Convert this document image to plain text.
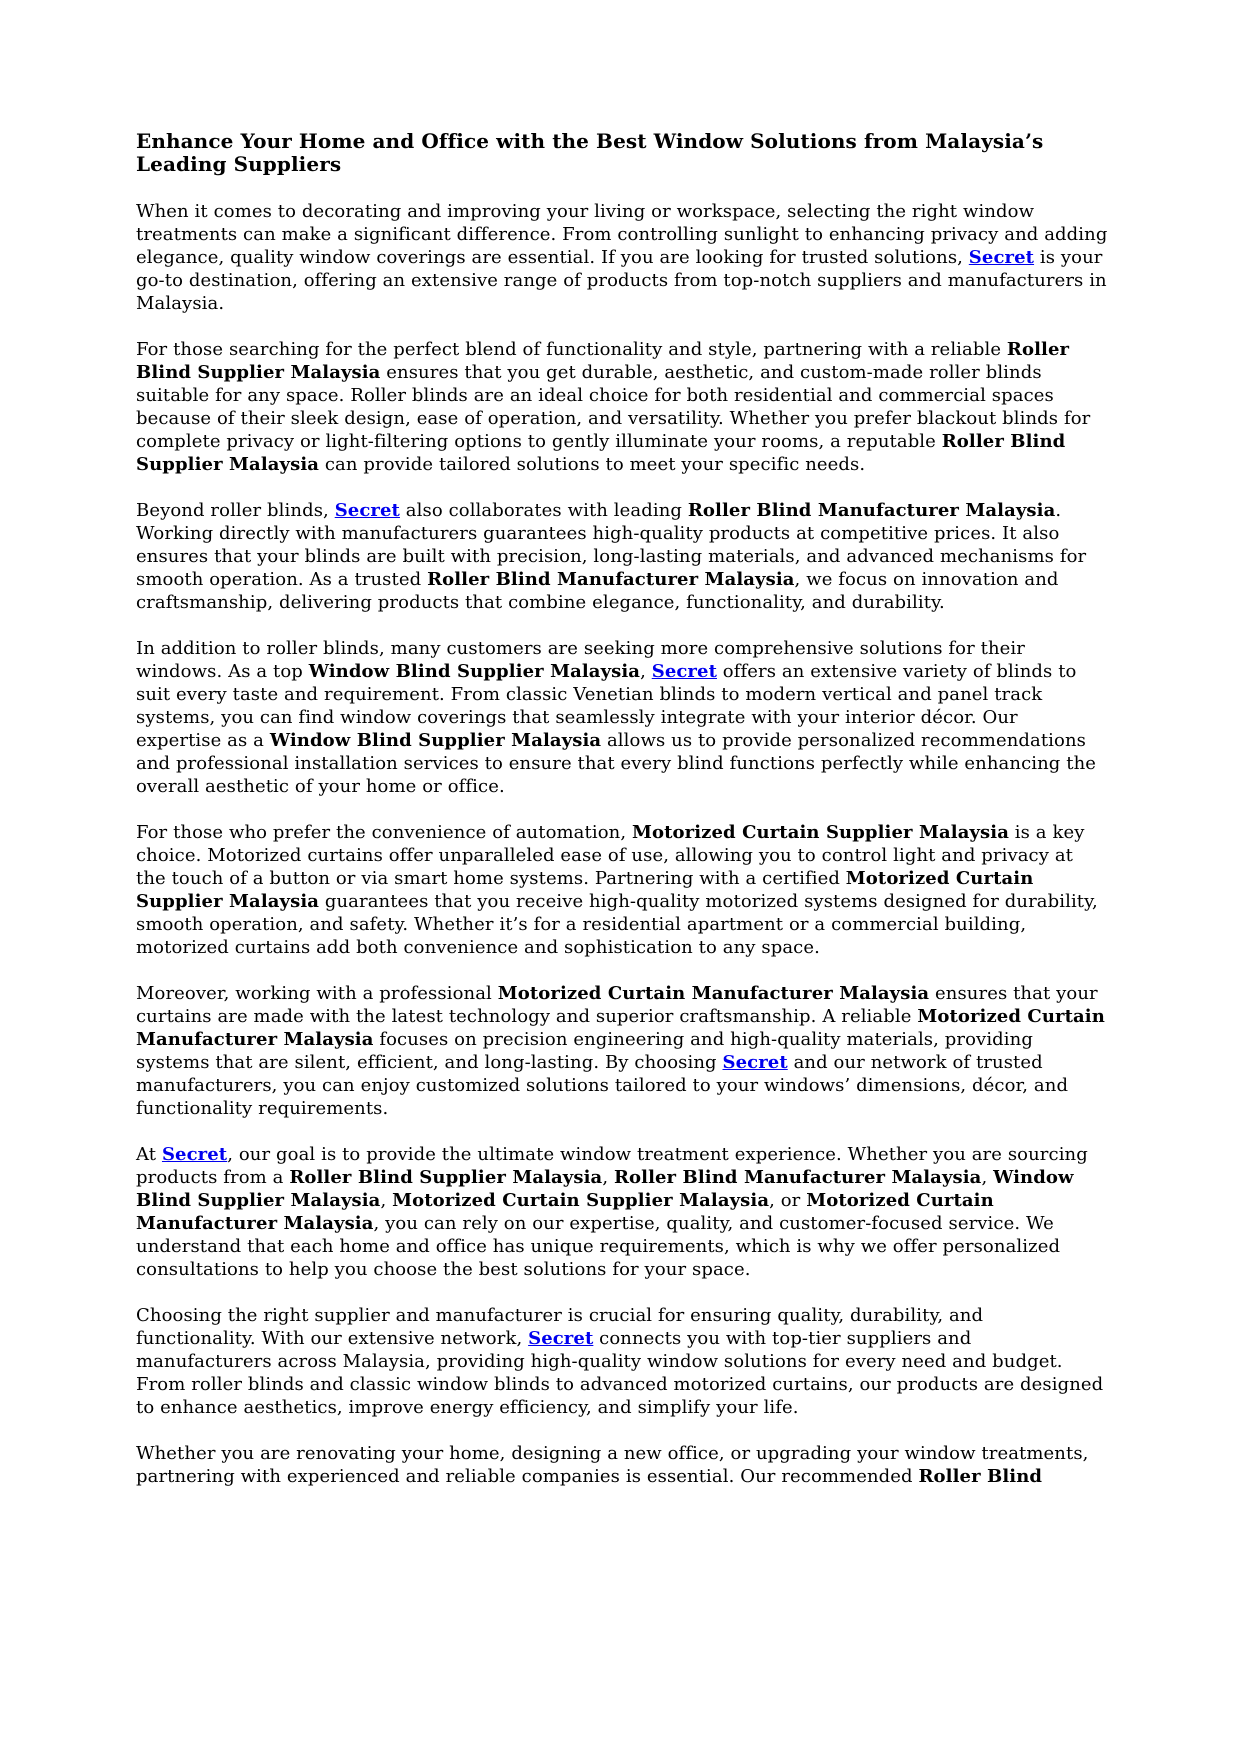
Enhance Your Home and Office with the Best Window Solutions from Malaysia’s Leading Suppliers

When it comes to decorating and improving your living or workspace, selecting the right window treatments can make a significant difference. From controlling sunlight to enhancing privacy and adding elegance, quality window coverings are essential. If you are looking for trusted solutions, Secret is your go-to destination, offering an extensive range of products from top-notch suppliers and manufacturers in Malaysia.

For those searching for the perfect blend of functionality and style, partnering with a reliable Roller Blind Supplier Malaysia ensures that you get durable, aesthetic, and custom-made roller blinds suitable for any space. Roller blinds are an ideal choice for both residential and commercial spaces because of their sleek design, ease of operation, and versatility. Whether you prefer blackout blinds for complete privacy or light-filtering options to gently illuminate your rooms, a reputable Roller Blind Supplier Malaysia can provide tailored solutions to meet your specific needs.

Beyond roller blinds, Secret also collaborates with leading Roller Blind Manufacturer Malaysia. Working directly with manufacturers guarantees high-quality products at competitive prices. It also ensures that your blinds are built with precision, long-lasting materials, and advanced mechanisms for smooth operation. As a trusted Roller Blind Manufacturer Malaysia, we focus on innovation and craftsmanship, delivering products that combine elegance, functionality, and durability.

In addition to roller blinds, many customers are seeking more comprehensive solutions for their windows. As a top Window Blind Supplier Malaysia, Secret offers an extensive variety of blinds to suit every taste and requirement. From classic Venetian blinds to modern vertical and panel track systems, you can find window coverings that seamlessly integrate with your interior décor. Our expertise as a Window Blind Supplier Malaysia allows us to provide personalized recommendations and professional installation services to ensure that every blind functions perfectly while enhancing the overall aesthetic of your home or office.

For those who prefer the convenience of automation, Motorized Curtain Supplier Malaysia is a key choice. Motorized curtains offer unparalleled ease of use, allowing you to control light and privacy at the touch of a button or via smart home systems. Partnering with a certified Motorized Curtain Supplier Malaysia guarantees that you receive high-quality motorized systems designed for durability, smooth operation, and safety. Whether it’s for a residential apartment or a commercial building, motorized curtains add both convenience and sophistication to any space.

Moreover, working with a professional Motorized Curtain Manufacturer Malaysia ensures that your curtains are made with the latest technology and superior craftsmanship. A reliable Motorized Curtain Manufacturer Malaysia focuses on precision engineering and high-quality materials, providing systems that are silent, efficient, and long-lasting. By choosing Secret and our network of trusted manufacturers, you can enjoy customized solutions tailored to your windows’ dimensions, décor, and functionality requirements.

At Secret, our goal is to provide the ultimate window treatment experience. Whether you are sourcing products from a Roller Blind Supplier Malaysia, Roller Blind Manufacturer Malaysia, Window Blind Supplier Malaysia, Motorized Curtain Supplier Malaysia, or Motorized Curtain Manufacturer Malaysia, you can rely on our expertise, quality, and customer-focused service. We understand that each home and office has unique requirements, which is why we offer personalized consultations to help you choose the best solutions for your space.

Choosing the right supplier and manufacturer is crucial for ensuring quality, durability, and functionality. With our extensive network, Secret connects you with top-tier suppliers and manufacturers across Malaysia, providing high-quality window solutions for every need and budget. From roller blinds and classic window blinds to advanced motorized curtains, our products are designed to enhance aesthetics, improve energy efficiency, and simplify your life.

Whether you are renovating your home, designing a new office, or upgrading your window treatments, partnering with experienced and reliable companies is essential. Our recommended Roller Blind
